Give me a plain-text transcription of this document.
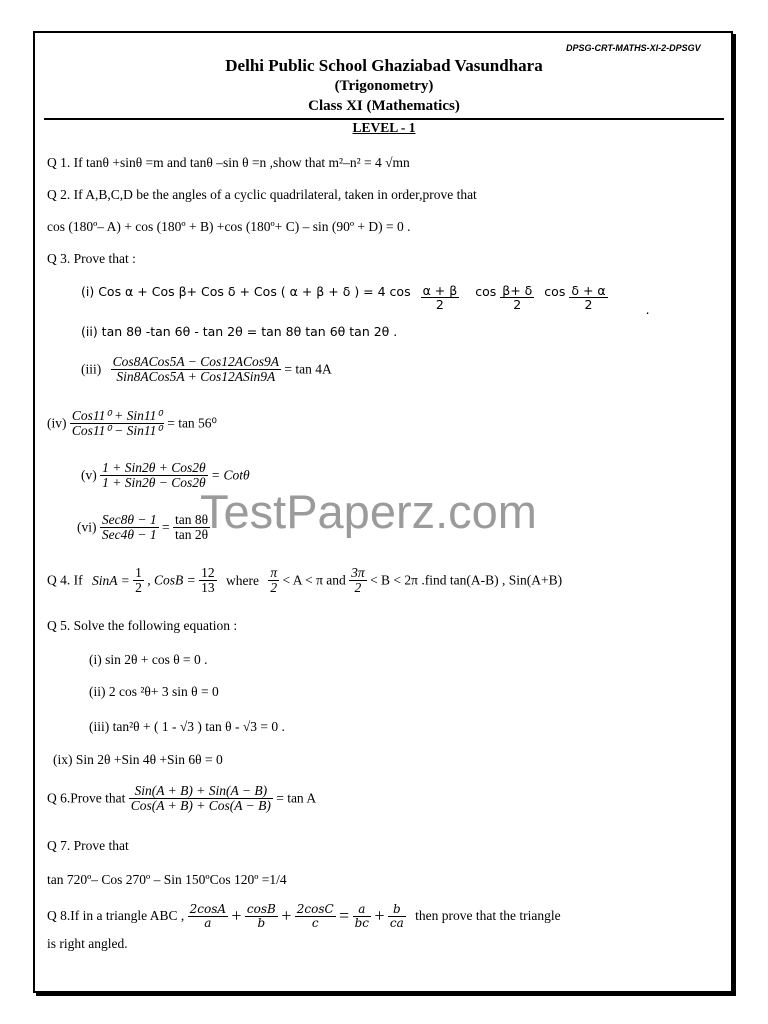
DPSG-CRT-MATHS-XI-2-DPSGV
Delhi Public School Ghaziabad Vasundhara
(Trigonometry)
Class XI (Mathematics)
LEVEL - 1
TestPaperz.com
Q 1. If tanθ +sinθ =m and tanθ –sin θ =n ,show that m²–n² = 4 √mn
Q 2. If A,B,C,D be the angles of a cyclic quadrilateral, taken in order,prove that
cos (180º– A) + cos (180º + B) +cos (180º+ C) – sin (90º + D) = 0 .
Q 3. Prove that :
(i) Cos α + Cos β+ Cos δ + Cos ( α + β + δ ) = 4 $\cos \frac{\alpha + \beta}{2}$ $\cos \frac{\beta+ \delta}{2}$ $\cos \frac{\delta + \alpha}{2}$	.
(ii) tan 8θ -tan 6θ - tan 2θ = tan 8θ tan 6θ tan 2θ .
$(iii) \frac{\text{Cos8ACos5A − Cos12ACos9A}}{\text{Sin8ACos5A + Cos12ASin9A}} = \tan 4A$
$(iv) \frac{\text{Cos11⁰ + Sin11⁰}}{\text{Cos11⁰ − Sin11⁰}} = \tan 56^0$
$(v) \frac{\text{1 + Sin2θ + Cos2θ}}{\text{1 + Sin2θ − Cos2θ}} = Cot\theta$
$(vi) \frac{\text{Sec8θ − 1}}{\text{Sec4θ − 1}} = \frac{\tan 8\theta}{\tan 2\theta}$
Q 4. If SinA = $\frac{1}{2}$ , CosB = $\frac{12}{13}$ where $\frac{\pi}{2} < A < \pi$ and $\frac{3\pi}{2} < B < 2\pi$ .find tan(A-B) , Sin(A+B)
Q 5. Solve the following equation :
(i) sin 2θ + cos θ = 0 .
(ii) 2 cos ²θ+ 3 sin θ = 0
(iii) tan²θ + ( 1 - √3 ) tan θ - √3 = 0 .
(ix) Sin 2θ +Sin 4θ +Sin 6θ = 0
Q 6.Prove that $\frac{\text{Sin(A + B) + Sin(A − B)}}{\text{Cos(A + B) + Cos(A − B)}} = \tan A$
Q 7. Prove that
tan 720º– Cos 270º – Sin 150ºCos 120º =1/4
Q 8.If in a triangle ABC , $\frac{2\cos A}{a} + \frac{\cos B}{b} + \frac{2\cos C}{c} = \frac{a}{bc} + \frac{b}{ca}$ then prove that the triangle
is right angled.
